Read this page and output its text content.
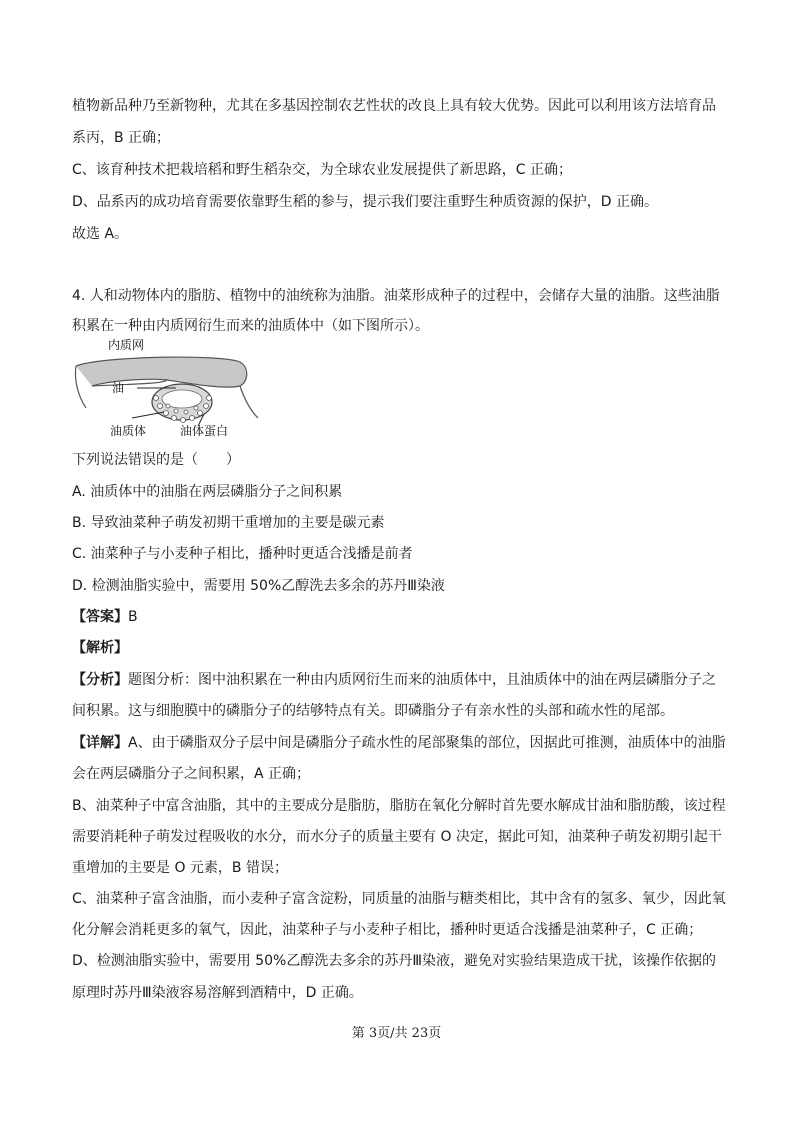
植物新品种乃至新物种，尤其在多基因控制农艺性状的改良上具有较大优势。因此可以利用该方法培育品
系丙，B 正确；
C、该育种技术把栽培稻和野生稻杂交，为全球农业发展提供了新思路，C 正确；
D、品系丙的成功培育需要依靠野生稻的参与，提示我们要注重野生种质资源的保护，D 正确。
故选 A。
4. 人和动物体内的脂肪、植物中的油统称为油脂。油菜形成种子的过程中，会储存大量的油脂。这些油脂
积累在一种由内质网衍生而来的油质体中（如下图所示）。
内质网
油
油质体	油体蛋白
下列说法错误的是（　　）
A. 油质体中的油脂在两层磷脂分子之间积累
B. 导致油菜种子萌发初期干重增加的主要是碳元素
C. 油菜种子与小麦种子相比，播种时更适合浅播是前者
D. 检测油脂实验中，需要用 50%乙醇洗去多余的苏丹Ⅲ染液
【答案】B
【解析】
【分析】题图分析：图中油积累在一种由内质网衍生而来的油质体中，且油质体中的油在两层磷脂分子之
间积累。这与细胞膜中的磷脂分子的结够特点有关。即磷脂分子有亲水性的头部和疏水性的尾部。
【详解】A、由于磷脂双分子层中间是磷脂分子疏水性的尾部聚集的部位，因据此可推测，油质体中的油脂
会在两层磷脂分子之间积累，A 正确；
B、油菜种子中富含油脂，其中的主要成分是脂肪，脂肪在氧化分解时首先要水解成甘油和脂肪酸，该过程
需要消耗种子萌发过程吸收的水分，而水分子的质量主要有 O 决定，据此可知，油菜种子萌发初期引起干
重增加的主要是 O 元素，B 错误；
C、油菜种子富含油脂，而小麦种子富含淀粉，同质量的油脂与糖类相比，其中含有的氢多、氧少，因此氧
化分解会消耗更多的氧气，因此，油菜种子与小麦种子相比，播种时更适合浅播是油菜种子，C 正确；
D、检测油脂实验中，需要用 50%乙醇洗去多余的苏丹Ⅲ染液，避免对实验结果造成干扰，该操作依据的
原理时苏丹Ⅲ染液容易溶解到酒精中，D 正确。
第 3页/共 23页
